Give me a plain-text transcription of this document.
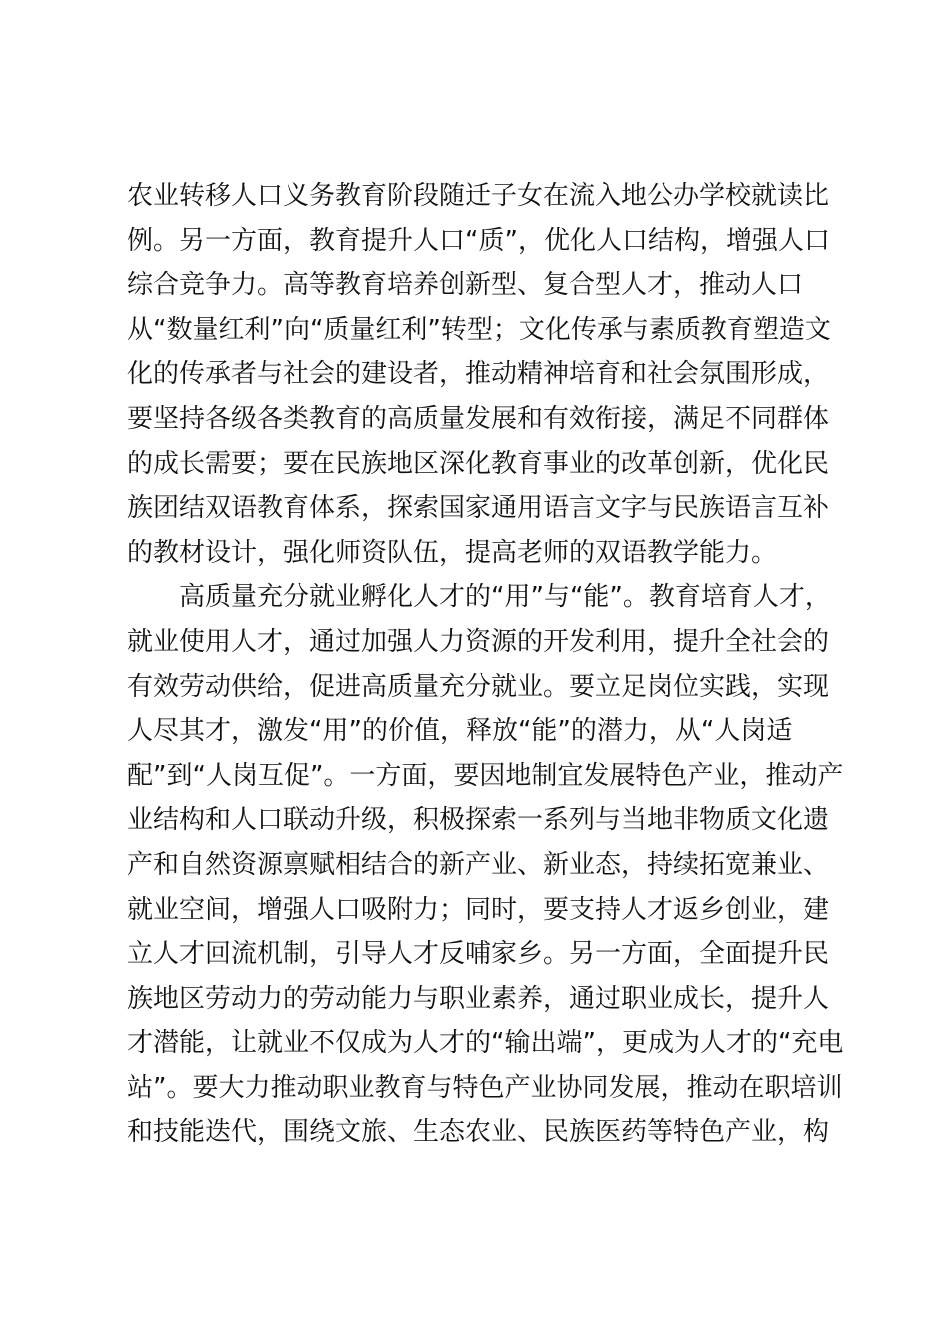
农业转移人口义务教育阶段随迁子女在流入地公办学校就读比
例。另一方面，教育提升人口“质”，优化人口结构，增强人口
综合竞争力。高等教育培养创新型、复合型人才，推动人口
从“数量红利”向“质量红利”转型；文化传承与素质教育塑造文
化的传承者与社会的建设者，推动精神培育和社会氛围形成，
要坚持各级各类教育的高质量发展和有效衔接，满足不同群体
的成长需要；要在民族地区深化教育事业的改革创新，优化民
族团结双语教育体系，探索国家通用语言文字与民族语言互补
的教材设计，强化师资队伍，提高老师的双语教学能力。
高质量充分就业孵化人才的“用”与“能”。教育培育人才，
就业使用人才，通过加强人力资源的开发利用，提升全社会的
有效劳动供给，促进高质量充分就业。要立足岗位实践，实现
人尽其才，激发“用”的价值，释放“能”的潜力，从“人岗适
配”到“人岗互促”。一方面，要因地制宜发展特色产业，推动产
业结构和人口联动升级，积极探索一系列与当地非物质文化遗
产和自然资源禀赋相结合的新产业、新业态，持续拓宽兼业、
就业空间，增强人口吸附力；同时，要支持人才返乡创业，建
立人才回流机制，引导人才反哺家乡。另一方面，全面提升民
族地区劳动力的劳动能力与职业素养，通过职业成长，提升人
才潜能，让就业不仅成为人才的“输出端”，更成为人才的“充电
站”。要大力推动职业教育与特色产业协同发展，推动在职培训
和技能迭代，围绕文旅、生态农业、民族医药等特色产业，构
